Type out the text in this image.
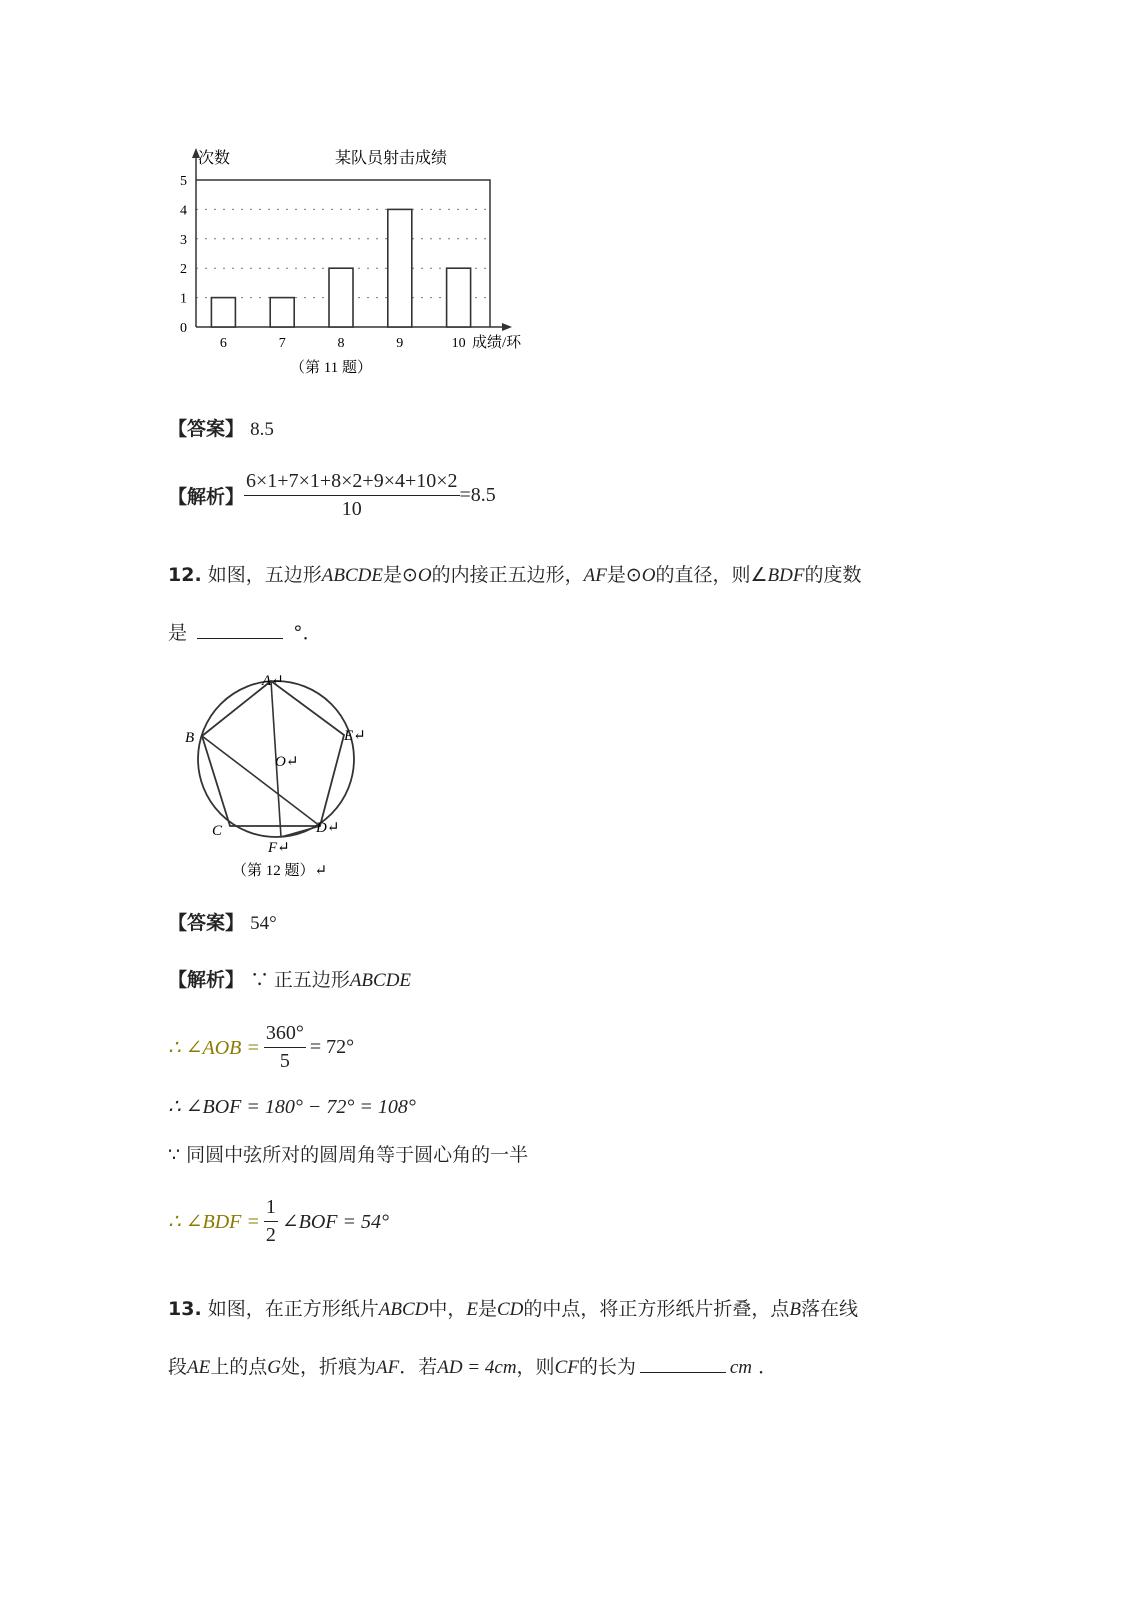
0
1
2
3
4
5
6	7	8	9	10
某队员射击成绩
次数
成绩/环
（第 11 题）
【答案】 8.5
【解析】 $\frac{6\times 1+7\times 1+8\times 2+9\times 4+10\times 2}{10} =8.5$
12. 如图，五边形ABCDE是⊙O的内接正五边形，AF是⊙O的直径，则∠BDF的度数
是	°．
A↵
B
C	D↵
E↵
F↵
O↵
（第 12 题）↵
【答案】 54°
【解析】 ∵ 正五边形ABCDE
∴ ∠AOB = $\frac{360^\circ}{5} = 72^\circ$
∴ ∠BOF = 180° − 72° = 108°
∵ 同圆中弦所对的圆周角等于圆心角的一半
∴ ∠BDF = $\frac{1}{2}$ ∠BOF = 54°
13. 如图，在正方形纸片ABCD中，E是CD的中点，将正方形纸片折叠，点B落在线
段AE上的点G处，折痕为AF．若AD = 4cm，则CF的长为	cm ．
